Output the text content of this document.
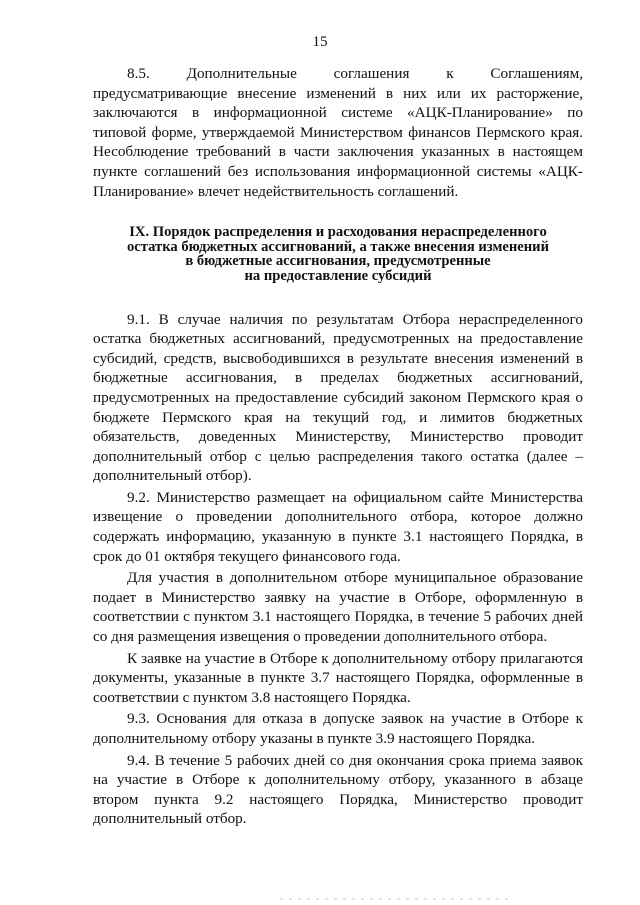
15

8.5. Дополнительные соглашения к Соглашениям, предусматривающие внесение изменений в них или их расторжение, заключаются в информационной системе «АЦК-Планирование» по типовой форме, утверждаемой Министерством финансов Пермского края. Несоблюдение требований в части заключения указанных в настоящем пункте соглашений без использования информационной системы «АЦК-Планирование» влечет недействительность соглашений.

IX. Порядок распределения и расходования нераспределенного
остатка бюджетных ассигнований, а также внесения изменений
в бюджетные ассигнования, предусмотренные
на предоставление субсидий

9.1. В случае наличия по результатам Отбора нераспределенного остатка бюджетных ассигнований, предусмотренных на предоставление субсидий, средств, высвободившихся в результате внесения изменений в бюджетные ассигнования, в пределах бюджетных ассигнований, предусмотренных на предоставление субсидий законом Пермского края о бюджете Пермского края на текущий год, и лимитов бюджетных обязательств, доведенных Министерству, Министерство проводит дополнительный отбор с целью распределения такого остатка (далее – дополнительный отбор).

9.2. Министерство размещает на официальном сайте Министерства извещение о проведении дополнительного отбора, которое должно содержать информацию, указанную в пункте 3.1 настоящего Порядка, в срок до 01 октября текущего финансового года.

Для участия в дополнительном отборе муниципальное образование подает в Министерство заявку на участие в Отборе, оформленную в соответствии с пунктом 3.1 настоящего Порядка, в течение 5 рабочих дней со дня размещения извещения о проведении дополнительного отбора.

К заявке на участие в Отборе к дополнительному отбору прилагаются документы, указанные в пункте 3.7 настоящего Порядка, оформленные в соответствии с пунктом 3.8 настоящего Порядка.

9.3. Основания для отказа в допуске заявок на участие в Отборе к дополнительному отбору указаны в пункте 3.9 настоящего Порядка.

9.4. В течение 5 рабочих дней со дня окончания срока приема заявок на участие в Отборе к дополнительному отбору, указанного в абзаце втором пункта 9.2 настоящего Порядка, Министерство проводит дополнительный отбор.
